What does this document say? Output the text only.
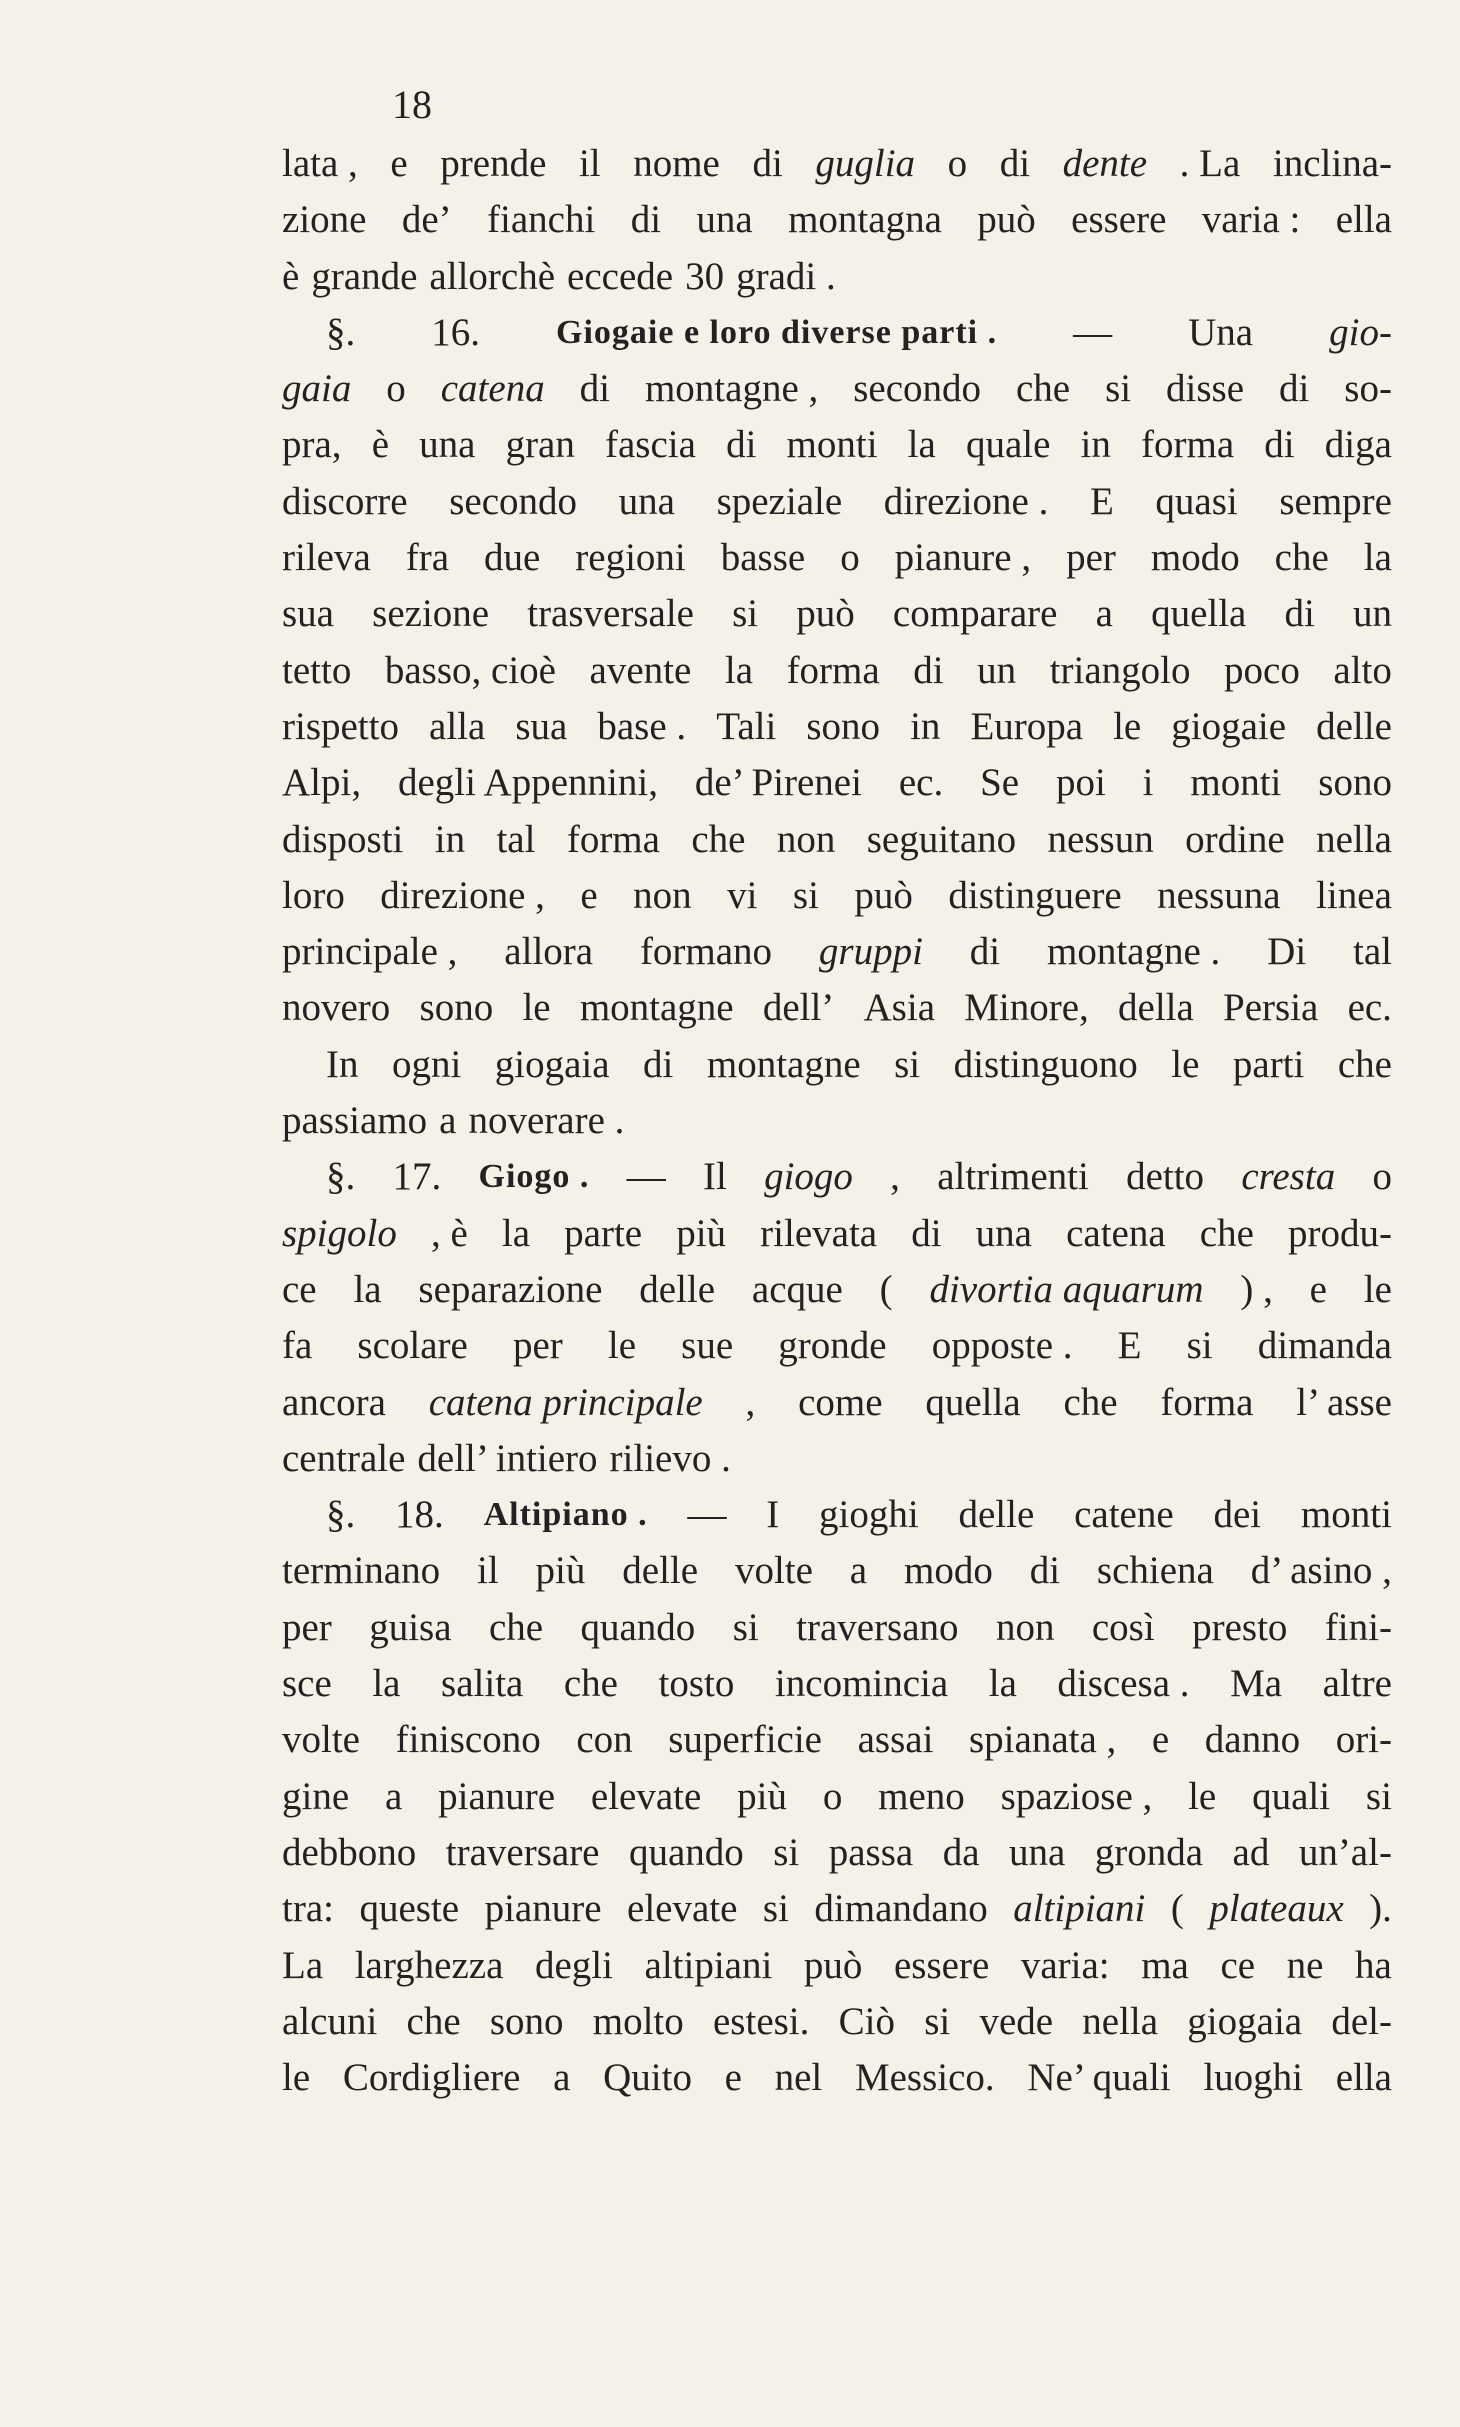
18
lata , e prende il nome di guglia o di dente . La inclina-
zione de’ fianchi di una montagna può essere varia : ella
è grande allorchè eccede 30 gradi .
§. 16. Giogaie e loro diverse parti . — Una gio-
gaia o catena di montagne , secondo che si disse di so-
pra, è una gran fascia di monti la quale in forma di diga
discorre secondo una speziale direzione . E quasi sempre
rileva fra due regioni basse o pianure , per modo che la
sua sezione trasversale si può comparare a quella di un
tetto basso, cioè avente la forma di un triangolo poco alto
rispetto alla sua base . Tali sono in Europa le giogaie delle
Alpi, degli Appennini, de’ Pirenei ec. Se poi i monti sono
disposti in tal forma che non seguitano nessun ordine nella
loro direzione , e non vi si può distinguere nessuna linea
principale , allora formano gruppi di montagne . Di tal
novero sono le montagne dell’ Asia Minore, della Persia ec.
In ogni giogaia di montagne si distinguono le parti che
passiamo a noverare .
§. 17. Giogo . — Il giogo , altrimenti detto cresta o
spigolo , è la parte più rilevata di una catena che produ-
ce la separazione delle acque ( divortia aquarum ) , e le
fa scolare per le sue gronde opposte . E si dimanda
ancora catena principale , come quella che forma l’ asse
centrale dell’ intiero rilievo .
§. 18. Altipiano . — I gioghi delle catene dei monti
terminano il più delle volte a modo di schiena d’ asino ,
per guisa che quando si traversano non così presto fini-
sce la salita che tosto incomincia la discesa . Ma altre
volte finiscono con superficie assai spianata , e danno ori-
gine a pianure elevate più o meno spaziose , le quali si
debbono traversare quando si passa da una gronda ad un’al-
tra: queste pianure elevate si dimandano altipiani ( plateaux ).
La larghezza degli altipiani può essere varia: ma ce ne ha
alcuni che sono molto estesi. Ciò si vede nella giogaia del-
le Cordigliere a Quito e nel Messico. Ne’ quali luoghi ella
